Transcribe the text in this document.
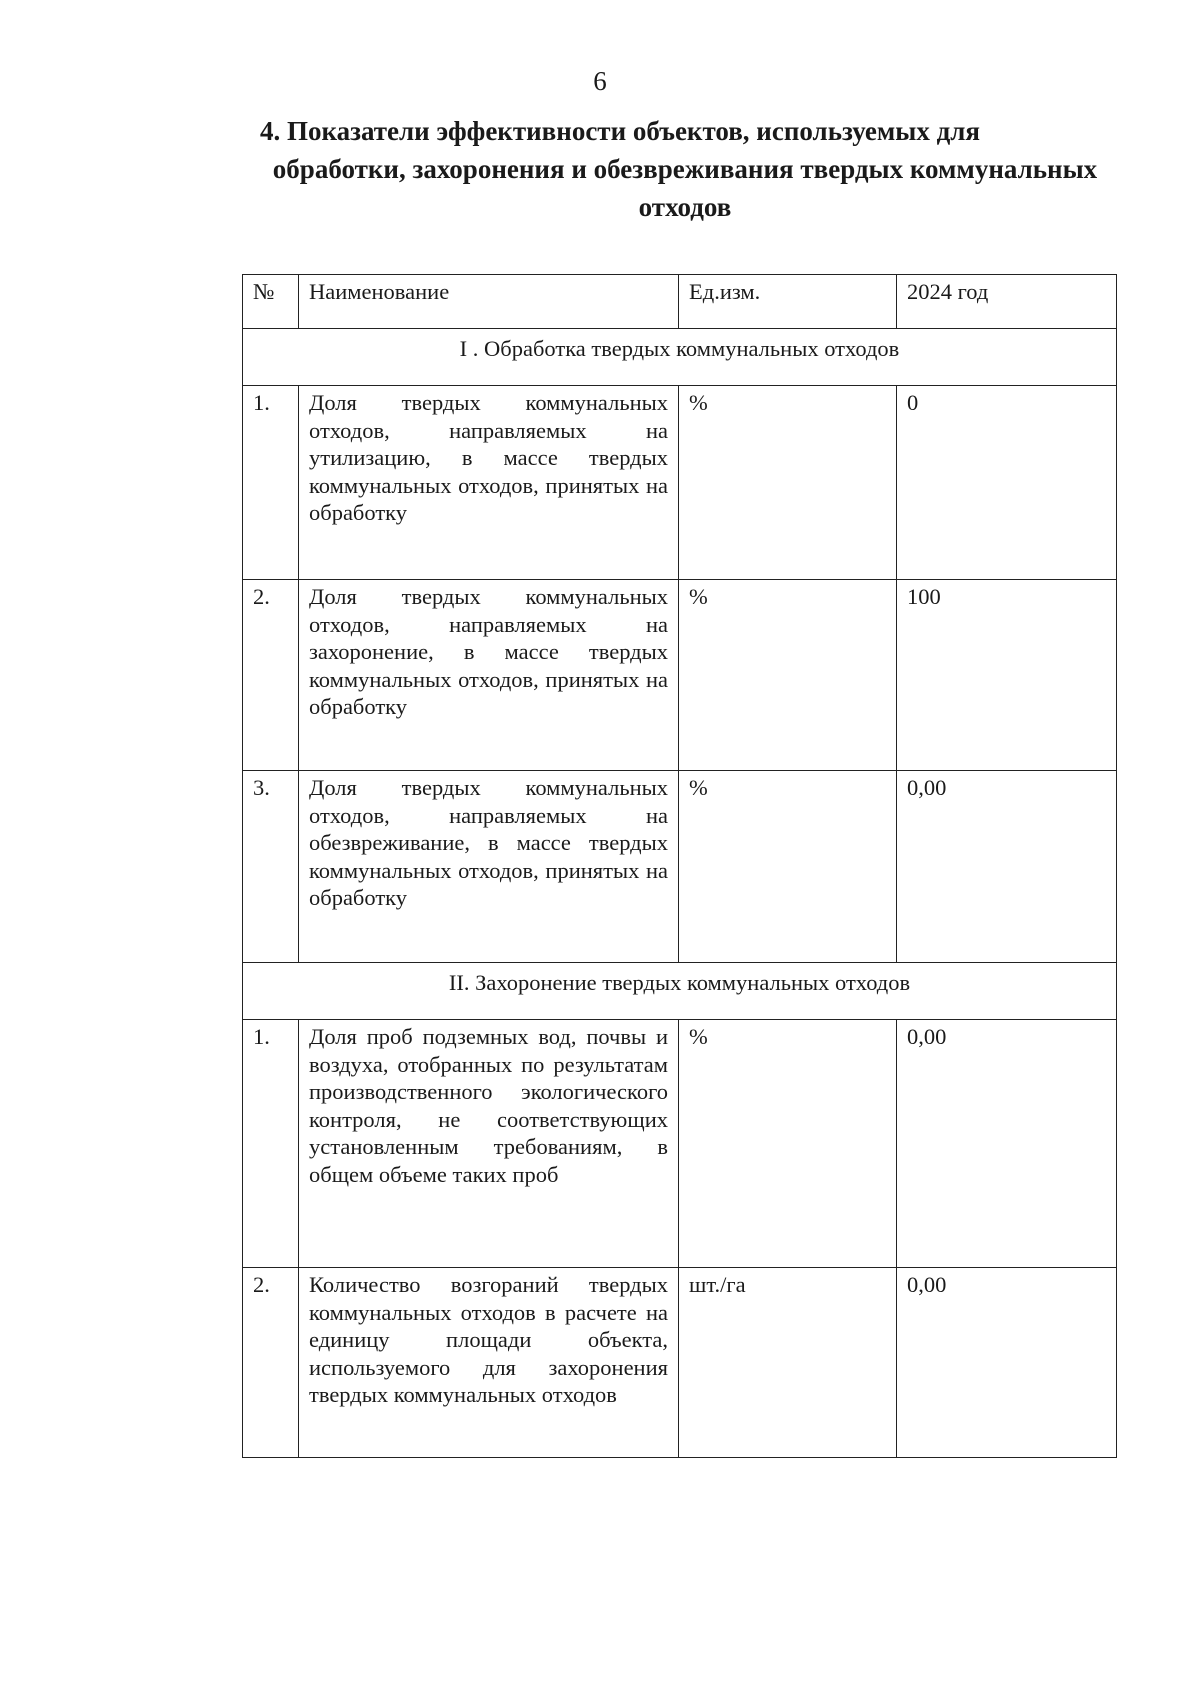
6
4. Показатели эффективности объектов, используемых для
обработки, захоронения и обезвреживания твердых коммунальных
отходов
№	Наименование	Ед.изм.	2024 год
I . Обработка твердых коммунальных отходов			
1.	Доля твердых коммунальных отходов, направляемых на утилизацию, в массе твердых коммунальных отходов, принятых на обработку	%	0
2.	Доля твердых коммунальных отходов, направляемых на захоронение, в массе твердых коммунальных отходов, принятых на обработку	%	100
3.	Доля твердых коммунальных отходов, направляемых на обезвреживание, в массе твердых коммунальных отходов, принятых на обработку	%	0,00
II. Захоронение твердых коммунальных отходов			
1.	Доля проб подземных вод, почвы и воздуха, отобранных по результатам производственного экологического контроля, не соответствующих установленным требованиям, в общем объеме таких проб	%	0,00
2.	Количество возгораний твердых коммунальных отходов в расчете на единицу площади объекта, используемого для захоронения твердых коммунальных отходов	шт./га	0,00
